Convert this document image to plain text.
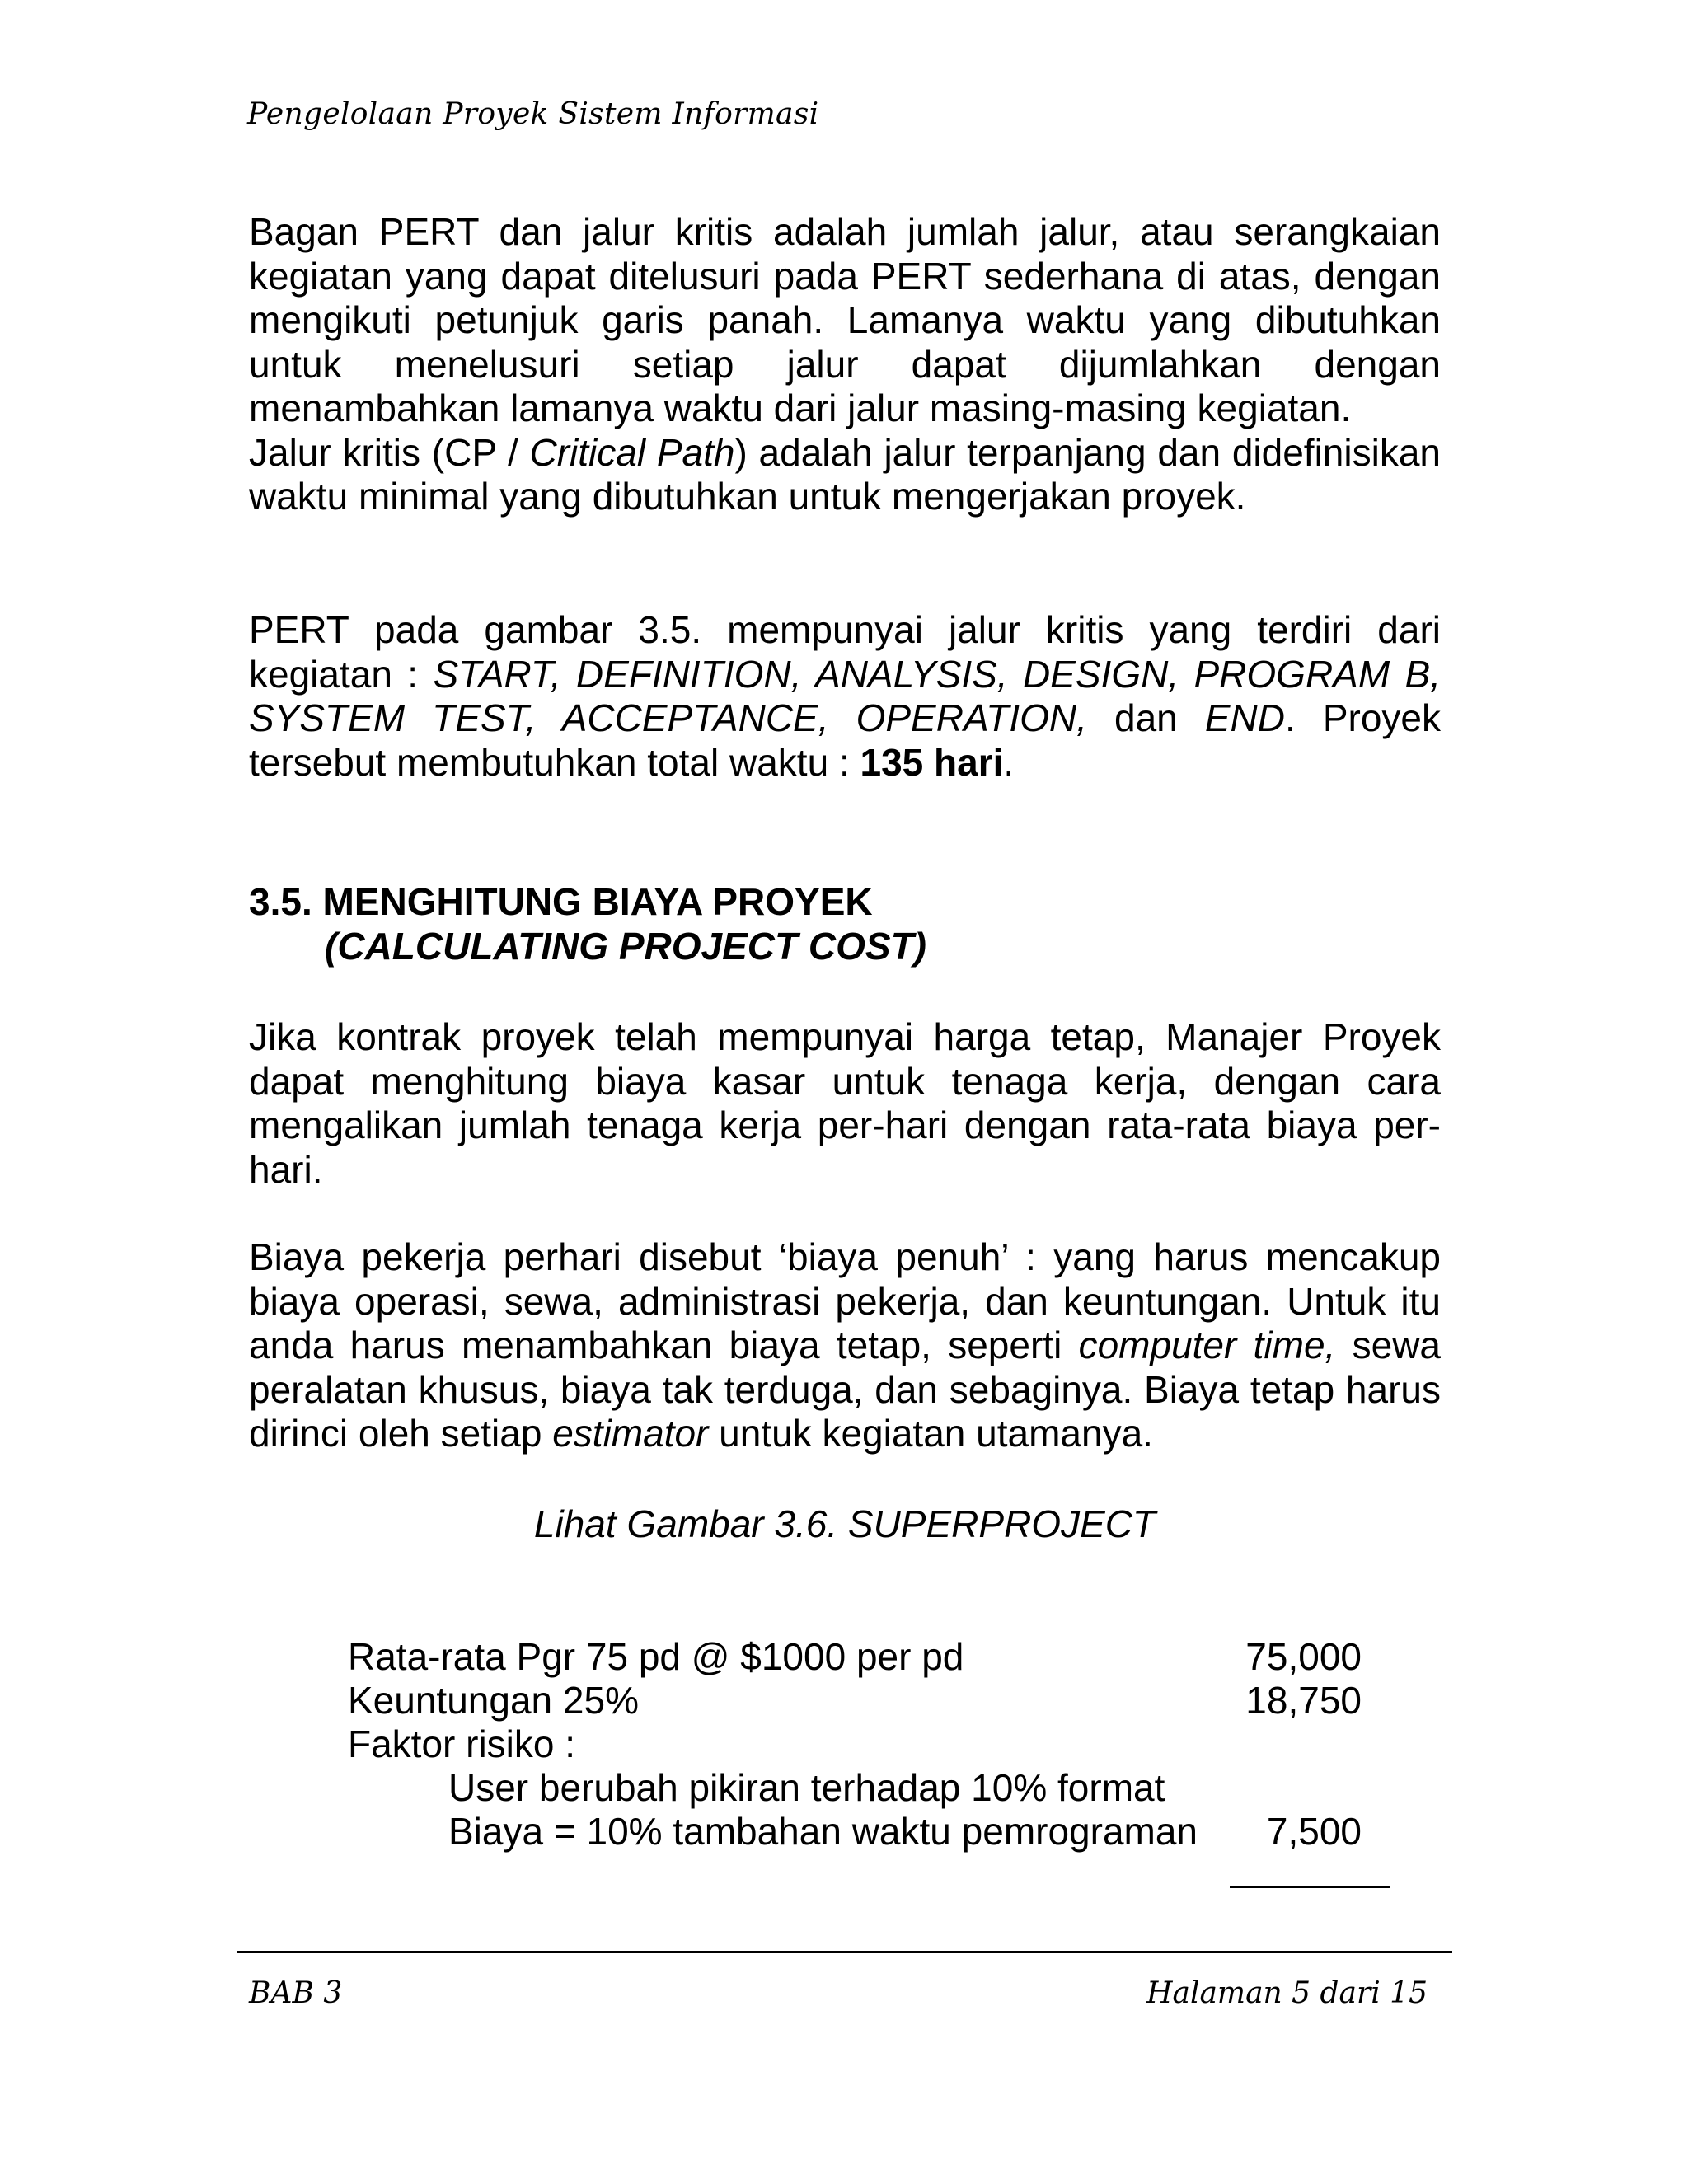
Pengelolaan Proyek Sistem Informasi

Bagan PERT dan jalur kritis adalah jumlah jalur, atau serangkaian kegiatan yang dapat ditelusuri pada PERT sederhana di atas, dengan mengikuti petunjuk garis panah. Lamanya waktu yang dibutuhkan untuk menelusuri setiap jalur dapat dijumlahkan dengan menambahkan lamanya waktu dari jalur masing-masing kegiatan.

Jalur kritis (CP / Critical Path) adalah jalur terpanjang dan didefinisikan waktu minimal yang dibutuhkan untuk mengerjakan proyek.

PERT pada gambar 3.5. mempunyai jalur kritis yang terdiri dari kegiatan : START, DEFINITION, ANALYSIS, DESIGN, PROGRAM B, SYSTEM TEST, ACCEPTANCE, OPERATION, dan END. Proyek tersebut membutuhkan total waktu : 135 hari.

3.5. MENGHITUNG BIAYA PROYEK
(CALCULATING PROJECT COST)

Jika kontrak proyek telah mempunyai harga tetap, Manajer Proyek dapat menghitung biaya kasar untuk tenaga kerja, dengan cara mengalikan jumlah tenaga kerja per-hari dengan rata-rata biaya per-hari.

Biaya pekerja perhari disebut ‘biaya penuh’ : yang harus mencakup biaya operasi, sewa, administrasi pekerja, dan keuntungan. Untuk itu anda harus menambahkan biaya tetap, seperti computer time, sewa peralatan khusus, biaya tak terduga, dan sebaginya. Biaya tetap harus dirinci oleh setiap estimator untuk kegiatan utamanya.

Lihat Gambar 3.6. SUPERPROJECT
Rata-rata Pgr 75 pd @ $1000 per pd	75,000
Keuntungan 25%	18,750
Faktor risiko :
User berubah pikiran terhadap 10% format
Biaya = 10% tambahan waktu pemrograman 7,500
BAB 3	Halaman 5 dari 15
